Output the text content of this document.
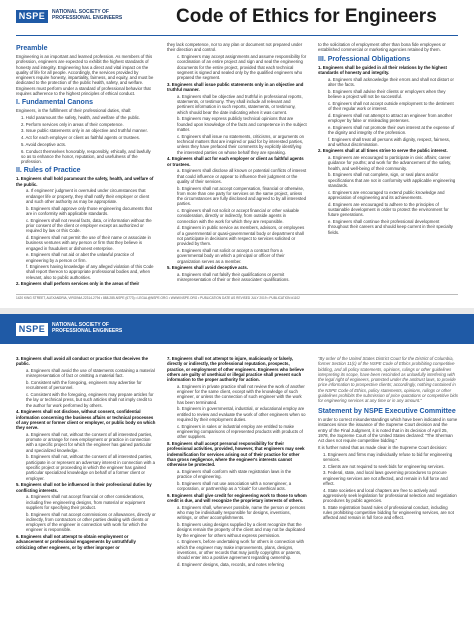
NSPE	NATIONAL SOCIETY OF
PROFESSIONAL ENGINEERS	Code of Ethics for Engineers

Preamble

Engineering is an important and learned profession. As members of this profession, engineers are expected to exhibit the highest standards of honesty and integrity. Engineering has a direct and vital impact on the quality of life for all people. Accordingly, the services provided by engineers require honesty, impartiality, fairness, and equity, and must be dedicated to the protection of the public health, safety, and welfare. Engineers must perform under a standard of professional behavior that requires adherence to the highest principles of ethical conduct.

I. Fundamental Canons

Engineers, in the fulfillment of their professional duties, shall:

1. Hold paramount the safety, health, and welfare of the public.

2. Perform services only in areas of their competence.

3. Issue public statements only in an objective and truthful manner.

4. Act for each employer or client as faithful agents or trustees.

5. Avoid deceptive acts.

6. Conduct themselves honorably, responsibly, ethically, and lawfully so as to enhance the honor, reputation, and usefulness of the profession.

II. Rules of Practice

1. Engineers shall hold paramount the safety, health, and welfare of the public.

a. If engineers' judgment is overruled under circumstances that endanger life or property, they shall notify their employer or client and such other authority as may be appropriate.

b. Engineers shall approve only those engineering documents that are in conformity with applicable standards.

c. Engineers shall not reveal facts, data, or information without the prior consent of the client or employer except as authorized or required by law or this Code.

d. Engineers shall not permit the use of their name or associate in business ventures with any person or firm that they believe is engaged in fraudulent or dishonest enterprise.

e. Engineers shall not aid or abet the unlawful practice of engineering by a person or firm.

f. Engineers having knowledge of any alleged violation of this Code shall report thereon to appropriate professional bodies and, when relevant, also to public authorities.

2. Engineers shall perform services only in the areas of their

they lack competence, nor to any plan or document not prepared under their direction and control.

c. Engineers may accept assignments and assume responsibility for coordination of an entire project and sign and seal the engineering documents for the entire project, provided that each technical segment is signed and sealed only by the qualified engineers who prepared the segment.

3. Engineers shall issue public statements only in an objective and truthful manner.

a. Engineers shall be objective and truthful in professional reports, statements, or testimony. They shall include all relevant and pertinent information in such reports, statements, or testimony, which should bear the date indicating when it was current.

b. Engineers may express publicly technical opinions that are founded upon knowledge of the facts and competence in the subject matter.

c. Engineers shall issue no statements, criticisms, or arguments on technical matters that are inspired or paid for by interested parties, unless they have prefaced their comments by explicitly identifying the interested parties on whose behalf they are speaking.

4. Engineers shall act for each employer or client as faithful agents or trustees.

a. Engineers shall disclose all known or potential conflicts of interest that could influence or appear to influence their judgment or the quality of their services.

b. Engineers shall not accept compensation, financial or otherwise, from more than one party for services on the same project, unless the circumstances are fully disclosed and agreed to by all interested parties.

c. Engineers shall not solicit or accept financial or other valuable consideration, directly or indirectly, from outside agents in connection with the work for which they are responsible.

d. Engineers in public service as members, advisors, or employees of a governmental or quasi-governmental body or department shall not participate in decisions with respect to services solicited or provided by them.

e. Engineers shall not solicit or accept a contract from a governmental body on which a principal or officer of their organization serves as a member.

5. Engineers shall avoid deceptive acts.

a. Engineers shall not falsify their qualifications or permit misrepresentation of their or their associates' qualifications.

to the solicitation of employment other than bona fide employees or established commercial or marketing agencies retained by them.

III. Professional Obligations

1. Engineers shall be guided in all their relations by the highest standards of honesty and integrity.

a. Engineers shall acknowledge their errors and shall not distort or alter the facts.

b. Engineers shall advise their clients or employers when they believe a project will not be successful.

c. Engineers shall not accept outside employment to the detriment of their regular work or interest.

d. Engineers shall not attempt to attract an engineer from another employer by false or misleading pretenses.

e. Engineers shall not promote their own interest at the expense of the dignity and integrity of the profession.

f. Engineers shall treat all persons with dignity, respect, fairness, and without discrimination.

2. Engineers shall at all times strive to serve the public interest.

a. Engineers are encouraged to participate in civic affairs; career guidance for youths; and work for the advancement of the safety, health, and well-being of their community.

b. Engineers shall not complete, sign, or seal plans and/or specifications that are not in conformity with applicable engineering standards.

c. Engineers are encouraged to extend public knowledge and appreciation of engineering and its achievements.

d. Engineers are encouraged to adhere to the principles of sustainable development in order to protect the environment for future generations.

e. Engineers shall continue their professional development throughout their careers and should keep current in their specialty fields.

1420 KING STREET, ALEXANDRIA, VIRGINIA 22314-2794 • 888-285-NSPE (6773) • LEGAL@NSPE.ORG • WWW.NSPE.ORG • PUBLICATION DATE AS REVISED JULY 2019 • PUBLICATION #1102
NSPE	NATIONAL SOCIETY OF
PROFESSIONAL ENGINEERS

3. Engineers shall avoid all conduct or practice that deceives the public.

a. Engineers shall avoid the use of statements containing a material misrepresentation of fact or omitting a material fact.

b. Consistent with the foregoing, engineers may advertise for recruitment of personnel.

c. Consistent with the foregoing, engineers may prepare articles for the lay or technical press, but such articles shall not imply credit to the author for work performed by others.

4. Engineers shall not disclose, without consent, confidential information concerning the business affairs or technical processes of any present or former client or employer, or public body on which they serve.

a. Engineers shall not, without the consent of all interested parties, promote or arrange for new employment or practice in connection with a specific project for which the engineer has gained particular and specialized knowledge.

b. Engineers shall not, without the consent of all interested parties, participate in or represent an adversary interest in connection with a specific project or proceeding in which the engineer has gained particular specialized knowledge on behalf of a former client or employer.

5. Engineers shall not be influenced in their professional duties by conflicting interests.

a. Engineers shall not accept financial or other considerations, including free engineering designs, from material or equipment suppliers for specifying their product.

b. Engineers shall not accept commissions or allowances, directly or indirectly, from contractors or other parties dealing with clients or employers of the engineer in connection with work for which the engineer is responsible.

6. Engineers shall not attempt to obtain employment or advancement or professional engagements by untruthfully criticizing other engineers, or by other improper or

7. Engineers shall not attempt to injure, maliciously or falsely, directly or indirectly, the professional reputation, prospects, practice, or employment of other engineers. Engineers who believe others are guilty of unethical or illegal practice shall present such information to the proper authority for action.

a. Engineers in private practice shall not review the work of another engineer for the same client, except with the knowledge of such engineer, or unless the connection of such engineer with the work has been terminated.

b. Engineers in governmental, industrial, or educational employ are entitled to review and evaluate the work of other engineers when so required by their employment duties.

c. Engineers in sales or industrial employ are entitled to make engineering comparisons of represented products with products of other suppliers.

8. Engineers shall accept personal responsibility for their professional activities, provided, however, that engineers may seek indemnification for services arising out of their practice for other than gross negligence, where the engineer's interests cannot otherwise be protected.

a. Engineers shall conform with state registration laws in the practice of engineering.

b. Engineers shall not use association with a nonengineer, a corporation, or partnership as a "cloak" for unethical acts.

9. Engineers shall give credit for engineering work to those to whom credit is due, and will recognize the proprietary interests of others.

a. Engineers shall, whenever possible, name the person or persons who may be individually responsible for designs, inventions, writings, or other accomplishments.

b. Engineers using designs supplied by a client recognize that the designs remain the property of the client and may not be duplicated by the engineer for others without express permission.

c. Engineers, before undertaking work for others in connection with which the engineer may make improvements, plans, designs, inventions, or other records that may justify copyrights or patents, should enter into a positive agreement regarding ownership.

d. Engineers' designs, data, records, and notes referring

"By order of the United States District Court for the District of Columbia, former Section 11(c) of the NSPE Code of Ethics prohibiting competitive bidding, and all policy statements, opinions, rulings or other guidelines interpreting its scope, have been rescinded as unlawfully interfering with the legal right of engineers, protected under the antitrust laws, to provide price information to prospective clients; accordingly, nothing contained in the NSPE Code of Ethics, policy statements, opinions, rulings or other guidelines prohibits the submission of price quotations or competitive bids for engineering services at any time or in any amount."

Statement by NSPE Executive Committee

In order to correct misunderstandings which have been indicated in some instances since the issuance of the Supreme Court decision and the entry of the Final Judgment, it is noted that in its decision of April 25, 1978, the Supreme Court of the United States declared: "The Sherman Act does not require competitive bidding."

It is further noted that as made clear in the Supreme Court decision:

1. Engineers and firms may individually refuse to bid for engineering services.

2. Clients are not required to seek bids for engineering services.

3. Federal, state, and local laws governing procedures to procure engineering services are not affected, and remain in full force and effect.

4. State societies and local chapters are free to actively and aggressively seek legislation for professional selection and negotiation procedures by public agencies.

5. State registration board rules of professional conduct, including rules prohibiting competitive bidding for engineering services, are not affected and remain in full force and effect.
